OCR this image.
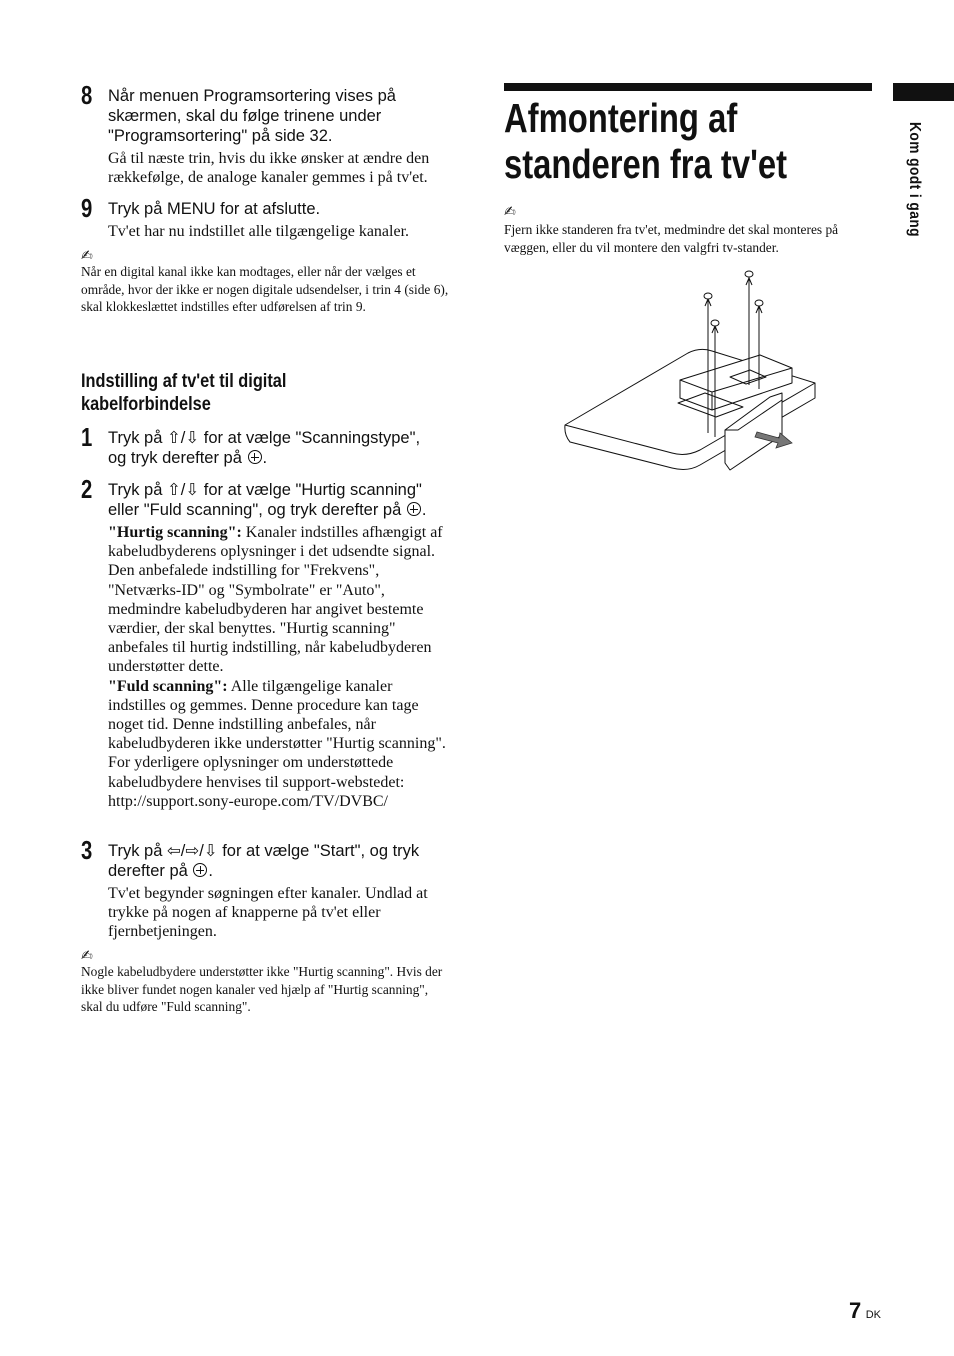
8 Når menuen Programsortering vises på skærmen, skal du følge trinene under "Programsortering" på side 32.
Gå til næste trin, hvis du ikke ønsker at ændre den rækkefølge, de analoge kanaler gemmes i på tv'et.
9 Tryk på MENU for at afslutte.
Tv'et har nu indstillet alle tilgængelige kanaler.
✍
Når en digital kanal ikke kan modtages, eller når der vælges et område, hvor der ikke er nogen digitale udsendelser, i trin 4 (side 6), skal klokkeslættet indstilles efter udførelsen af trin 9.
Indstilling af tv'et til digital kabelforbindelse
1 Tryk på ⇧/⇩ for at vælge "Scanningstype",
og tryk derefter på .
2 Tryk på ⇧/⇩ for at vælge "Hurtig scanning"
eller "Fuld scanning", og tryk derefter på .
"Hurtig scanning": Kanaler indstilles afhængigt af kabeludbyderens oplysninger i det udsendte signal. Den anbefalede indstilling for "Frekvens", "Netværks-ID" og "Symbolrate" er "Auto", medmindre kabeludbyderen har angivet bestemte værdier, der skal benyttes. "Hurtig scanning" anbefales til hurtig indstilling, når kabeludbyderen understøtter dette.
"Fuld scanning": Alle tilgængelige kanaler indstilles og gemmes. Denne procedure kan tage noget tid. Denne indstilling anbefales, når kabeludbyderen ikke understøtter "Hurtig scanning".
For yderligere oplysninger om understøttede kabeludbydere henvises til support-webstedet:
http://support.sony-europe.com/TV/DVBC/
3 Tryk på ⇦/⇨/⇩ for at vælge "Start", og tryk
derefter på .
Tv'et begynder søgningen efter kanaler. Undlad at trykke på nogen af knapperne på tv'et eller fjernbetjeningen.
✍
Nogle kabeludbydere understøtter ikke "Hurtig scanning". Hvis der ikke bliver fundet nogen kanaler ved hjælp af "Hurtig scanning", skal du udføre "Fuld scanning".
Afmontering af
standeren fra tv'et
✍
Fjern ikke standeren fra tv'et, medmindre det skal monteres på væggen, eller du vil montere den valgfri tv-stander.
Kom godt i gang
7 DK
